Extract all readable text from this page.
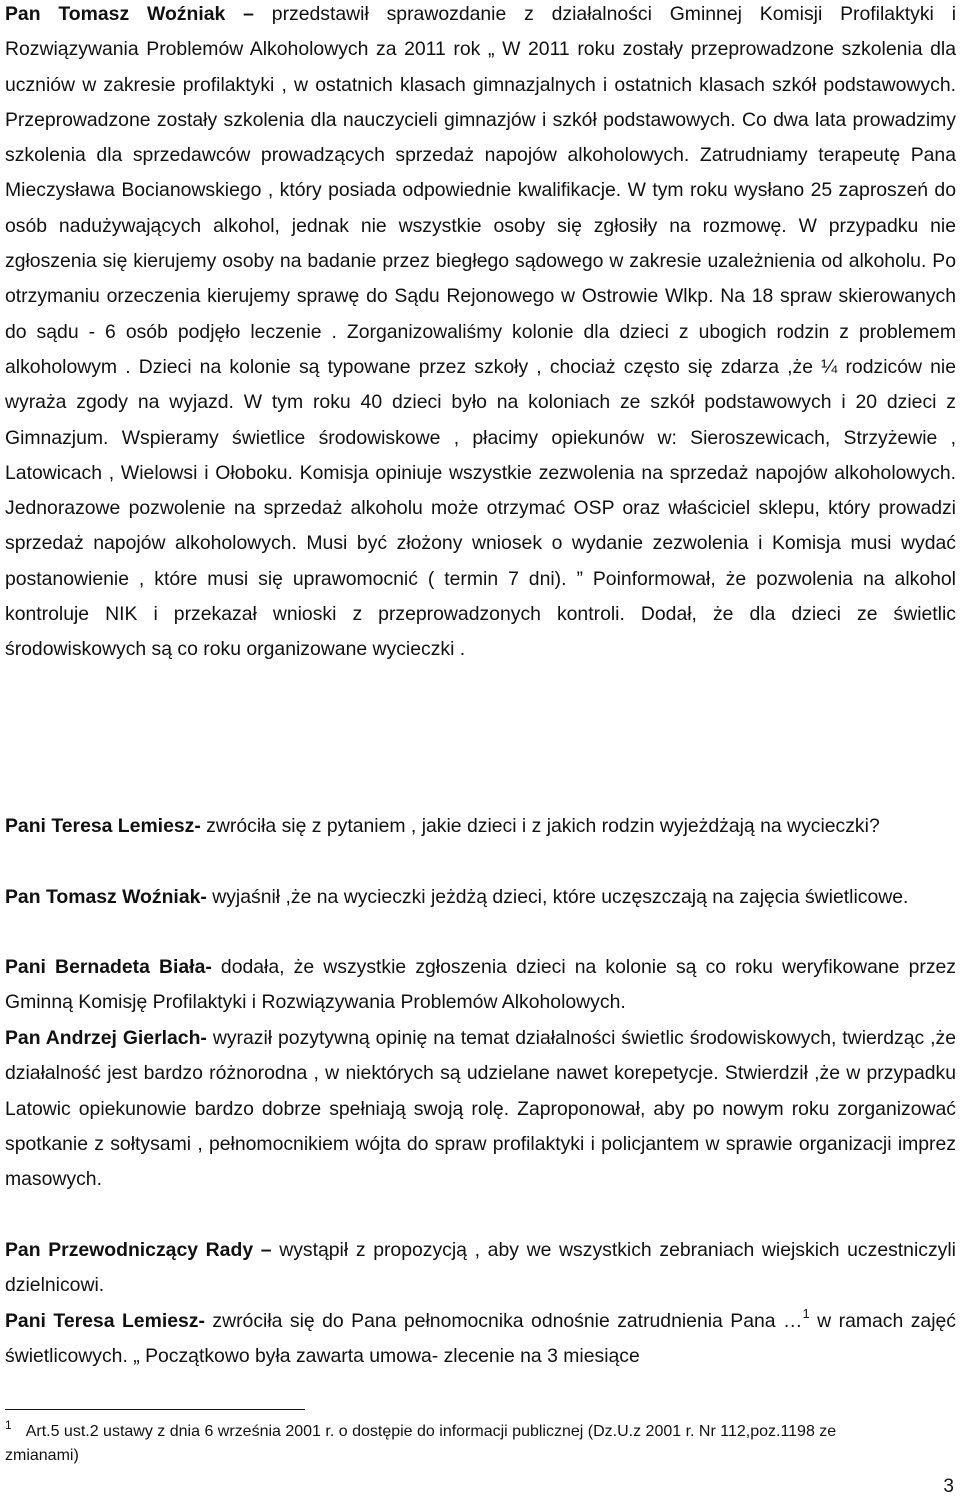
Pan Tomasz Woźniak – przedstawił sprawozdanie z działalności Gminnej Komisji Profilaktyki i Rozwiązywania Problemów Alkoholowych za 2011 rok „ W 2011 roku zostały przeprowadzone szkolenia dla uczniów w zakresie profilaktyki , w ostatnich klasach gimnazjalnych i ostatnich klasach szkół podstawowych. Przeprowadzone zostały szkolenia dla nauczycieli gimnazjów i szkół podstawowych. Co dwa lata prowadzimy szkolenia dla sprzedawców prowadzących sprzedaż napojów alkoholowych. Zatrudniamy terapeutę Pana Mieczysława Bocianowskiego , który posiada odpowiednie kwalifikacje. W tym roku wysłano 25 zaproszeń do osób nadużywających alkohol, jednak nie wszystkie osoby się zgłosiły na rozmowę. W przypadku nie zgłoszenia się kierujemy osoby na badanie przez biegłego sądowego w zakresie uzależnienia od alkoholu. Po otrzymaniu orzeczenia kierujemy sprawę do Sądu Rejonowego w Ostrowie Wlkp. Na 18 spraw skierowanych do sądu - 6 osób podjęło leczenie . Zorganizowaliśmy kolonie dla dzieci z ubogich rodzin z problemem alkoholowym . Dzieci na kolonie są typowane przez szkoły , chociaż często się zdarza ,że ¼ rodziców nie wyraża zgody na wyjazd. W tym roku 40 dzieci było na koloniach ze szkół podstawowych i 20 dzieci z Gimnazjum. Wspieramy świetlice środowiskowe , płacimy opiekunów w: Sieroszewicach, Strzyżewie , Latowicach , Wielowsi i Ołoboku. Komisja opiniuje wszystkie zezwolenia na sprzedaż napojów alkoholowych. Jednorazowe pozwolenie na sprzedaż alkoholu może otrzymać OSP oraz właściciel sklepu, który prowadzi sprzedaż napojów alkoholowych. Musi być złożony wniosek o wydanie zezwolenia i Komisja musi wydać postanowienie , które musi się uprawomocnić ( termin 7 dni). ” Poinformował, że pozwolenia na alkohol kontroluje NIK i przekazał wnioski z przeprowadzonych kontroli. Dodał, że dla dzieci ze świetlic środowiskowych są co roku organizowane wycieczki .

Pani Teresa Lemiesz- zwróciła się z pytaniem , jakie dzieci i z jakich rodzin wyjeżdżają na wycieczki?

Pan Tomasz Woźniak- wyjaśnił ,że na wycieczki jeżdżą dzieci, które uczęszczają na zajęcia świetlicowe.

Pani Bernadeta Biała- dodała, że wszystkie zgłoszenia dzieci na kolonie są co roku weryfikowane przez Gminną Komisję Profilaktyki i Rozwiązywania Problemów Alkoholowych.

Pan Andrzej Gierlach- wyraził pozytywną opinię na temat działalności świetlic środowiskowych, twierdząc ,że działalność jest bardzo różnorodna , w niektórych są udzielane nawet korepetycje. Stwierdził ,że w przypadku Latowic opiekunowie bardzo dobrze spełniają swoją rolę. Zaproponował, aby po nowym roku zorganizować spotkanie z sołtysami , pełnomocnikiem wójta do spraw profilaktyki i policjantem w sprawie organizacji imprez masowych.

Pan Przewodniczący Rady – wystąpił z propozycją , aby we wszystkich zebraniach wiejskich uczestniczyli dzielnicowi.

Pani Teresa Lemiesz- zwróciła się do Pana pełnomocnika odnośnie zatrudnienia Pana …$^1$ w ramach zajęć świetlicowych. „ Początkowo była zawarta umowa- zlecenie na 3 miesiące

$^1$ Art.5 ust.2 ustawy z dnia 6 września 2001 r. o dostępie do informacji publicznej (Dz.U.z 2001 r. Nr 112,poz.1198 ze zmianami)

3
